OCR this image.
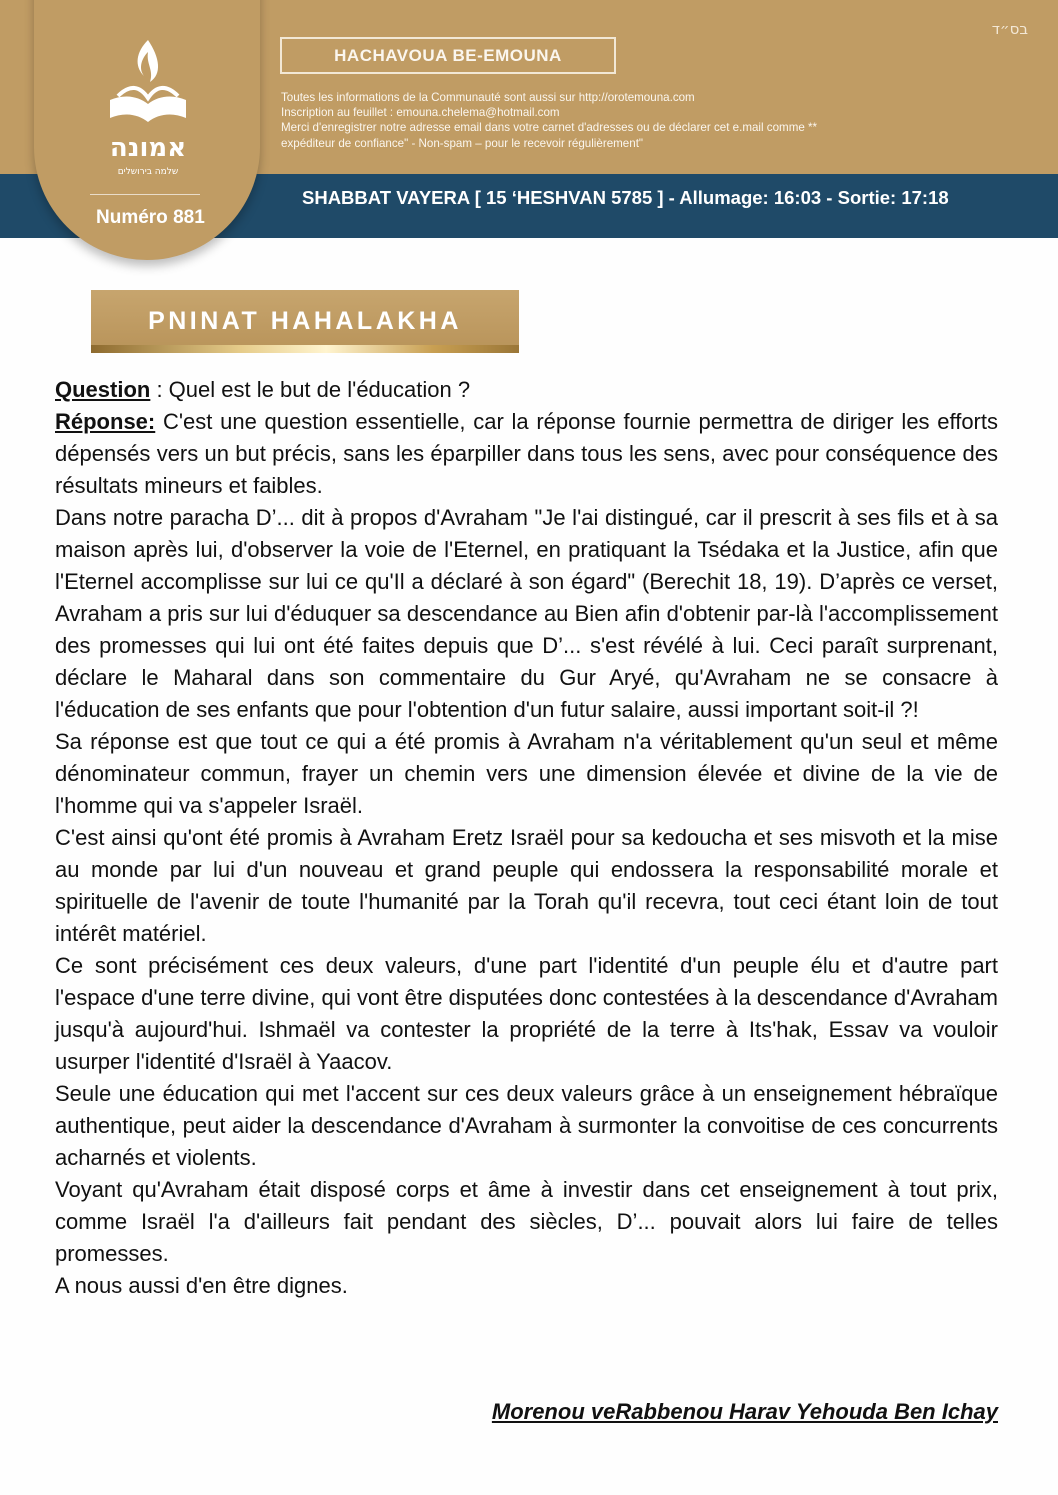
בס״ד
HACHAVOUA BE-EMOUNA
Toutes les informations de la Communauté sont aussi sur http://orotemouna.com
Inscription au feuillet : emouna.chelema@hotmail.com
Merci d'enregistrer notre adresse email dans votre carnet d'adresses ou de déclarer cet e.mail comme **
expéditeur de confiance" - Non-spam – pour le recevoir régulièrement"
SHABBAT VAYERA [ 15 ‘HESHVAN 5785 ] - Allumage: 16:03 - Sortie: 17:18
אמונה
שלמה בירושלים
Numéro 881
PNINAT HAHALAKHA

Question : Quel est le but de l'éducation ?

Réponse: C'est une question essentielle, car la réponse fournie permettra de diriger les efforts dépensés vers un but précis, sans les éparpiller dans tous les sens, avec pour conséquence des résultats mineurs et faibles.

Dans notre paracha D’... dit à propos d'Avraham "Je l'ai distingué, car il prescrit à ses fils et à sa maison après lui, d'observer la voie de l'Eternel, en pratiquant la Tsédaka et la Justice, afin que l'Eternel accomplisse sur lui ce qu'Il a déclaré à son égard" (Berechit 18, 19). D’après ce verset, Avraham a pris sur lui d'éduquer sa descendance au Bien afin d'obtenir par-là l'accomplissement des promesses qui lui ont été faites depuis que D’... s'est révélé à lui. Ceci paraît surprenant, déclare le Maharal dans son commentaire du Gur Aryé, qu'Avraham ne se consacre à l'éducation de ses enfants que pour l'obtention d'un futur salaire, aussi important soit-il ?!

Sa réponse est que tout ce qui a été promis à Avraham n'a véritablement qu'un seul et même dénominateur commun, frayer un chemin vers une dimension élevée et divine de la vie de l'homme qui va s'appeler Israël.

C'est ainsi qu'ont été promis à Avraham Eretz Israël pour sa kedoucha et ses misvoth et la mise au monde par lui d'un nouveau et grand peuple qui endossera la responsabilité morale et spirituelle de l'avenir de toute l'humanité par la Torah qu'il recevra, tout ceci étant loin de tout intérêt matériel.

Ce sont précisément ces deux valeurs, d'une part l'identité d'un peuple élu et d'autre part l'espace d'une terre divine, qui vont être disputées donc contestées à la descendance d'Avraham jusqu'à aujourd'hui. Ishmaël va contester la propriété de la terre à Its'hak, Essav va vouloir usurper l'identité d'Israël à Yaacov.

Seule une éducation qui met l'accent sur ces deux valeurs grâce à un enseignement hébraïque authentique, peut aider la descendance d'Avraham à surmonter la convoitise de ces concurrents acharnés et violents.

Voyant qu'Avraham était disposé corps et âme à investir dans cet enseignement à tout prix, comme Israël l'a d'ailleurs fait pendant des siècles, D’... pouvait alors lui faire de telles promesses.

A nous aussi d'en être dignes.

Morenou veRabbenou Harav Yehouda Ben Ichay
